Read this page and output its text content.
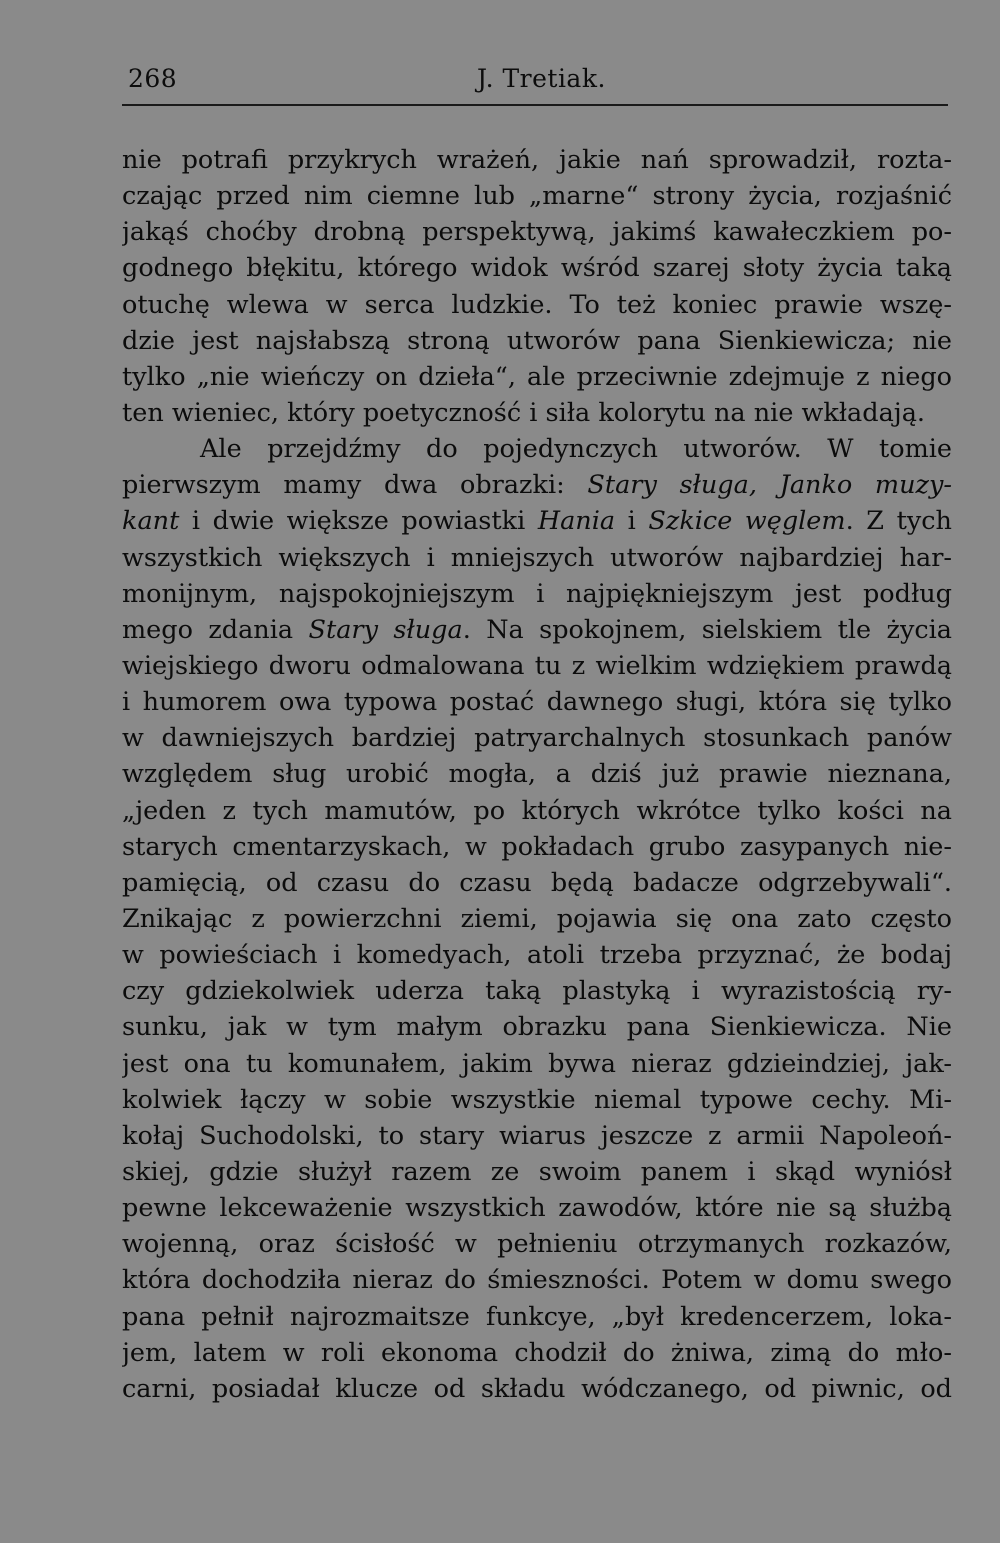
268	J. Tretiak.
nie potrafi przykrych wrażeń, jakie nań sprowadził, rozta-
czając przed nim ciemne lub „marne“ strony życia, rozjaśnić
jakąś choćby drobną perspektywą, jakimś kawałeczkiem po-
godnego błękitu, którego widok wśród szarej słoty życia taką
otuchę wlewa w serca ludzkie. To też koniec prawie wszę-
dzie jest najsłabszą stroną utworów pana Sienkiewicza; nie
tylko „nie wieńczy on dzieła“, ale przeciwnie zdejmuje z niego
ten wieniec, który poetyczność i siła kolorytu na nie wkładają.
Ale przejdźmy do pojedynczych utworów. W tomie
pierwszym mamy dwa obrazki: Stary sługa, Janko muzy-
kant i dwie większe powiastki Hania i Szkice węglem. Z tych
wszystkich większych i mniejszych utworów najbardziej har-
monijnym, najspokojniejszym i najpiękniejszym jest podług
mego zdania Stary sługa. Na spokojnem, sielskiem tle życia
wiejskiego dworu odmalowana tu z wielkim wdziękiem prawdą
i humorem owa typowa postać dawnego sługi, która się tylko
w dawniejszych bardziej patryarchalnych stosunkach panów
względem sług urobić mogła, a dziś już prawie nieznana,
„jeden z tych mamutów, po których wkrótce tylko kości na
starych cmentarzyskach, w pokładach grubo zasypanych nie-
pamięcią, od czasu do czasu będą badacze odgrzebywali“.
Znikając z powierzchni ziemi, pojawia się ona zato często
w powieściach i komedyach, atoli trzeba przyznać, że bodaj
czy gdziekolwiek uderza taką plastyką i wyrazistością ry-
sunku, jak w tym małym obrazku pana Sienkiewicza. Nie
jest ona tu komunałem, jakim bywa nieraz gdzieindziej, jak-
kolwiek łączy w sobie wszystkie niemal typowe cechy. Mi-
kołaj Suchodolski, to stary wiarus jeszcze z armii Napoleoń-
skiej, gdzie służył razem ze swoim panem i skąd wyniósł
pewne lekceważenie wszystkich zawodów, które nie są służbą
wojenną, oraz ścisłość w pełnieniu otrzymanych rozkazów,
która dochodziła nieraz do śmieszności. Potem w domu swego
pana pełnił najrozmaitsze funkcye, „był kredencerzem, loka-
jem, latem w roli ekonoma chodził do żniwa, zimą do mło-
carni, posiadał klucze od składu wódczanego, od piwnic, od
